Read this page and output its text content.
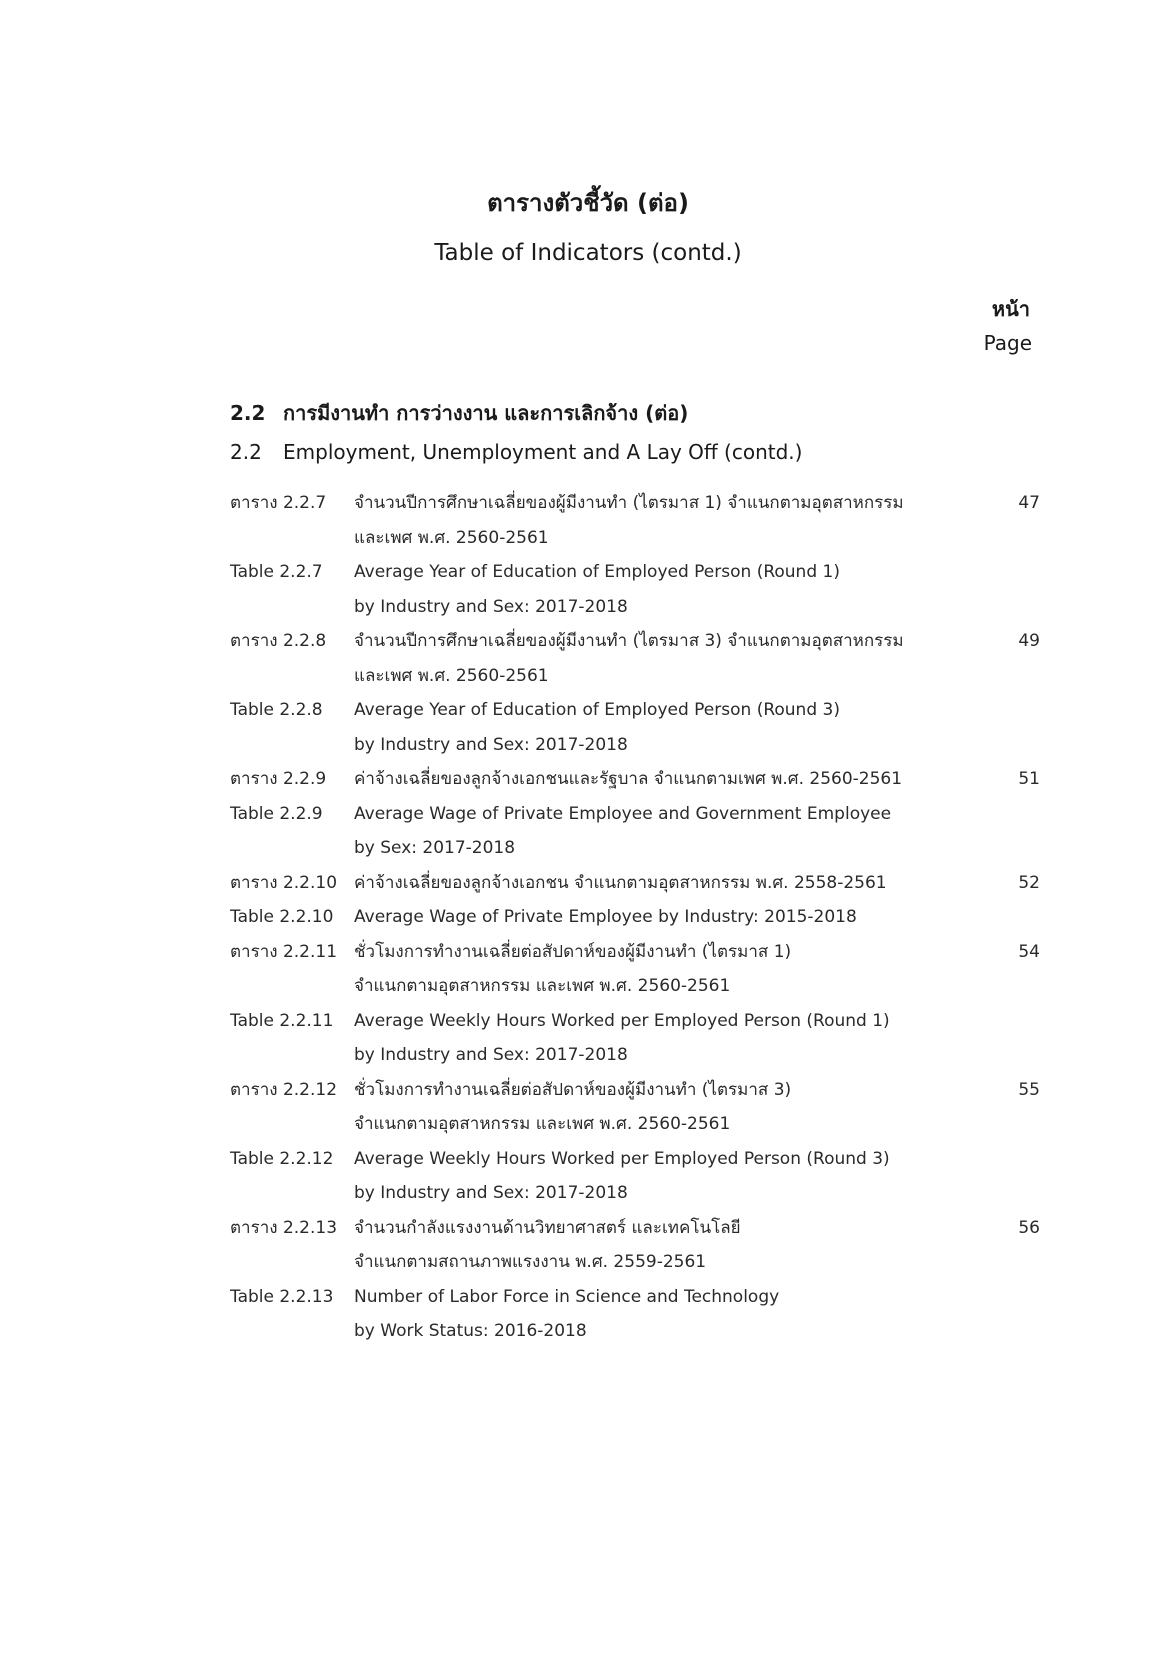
ตารางตัวชี้วัด (ต่อ)
Table of Indicators (contd.)
หน้า
Page
2.2 การมีงานทำ การว่างงาน และการเลิกจ้าง (ต่อ)
2.2 Employment, Unemployment and A Lay Off (contd.)
ตาราง 2.2.7	จำนวนปีการศึกษาเฉลี่ยของผู้มีงานทำ (ไตรมาส 1) จำแนกตามอุตสาหกรรม
และเพศ พ.ศ. 2560-2561
47
Table 2.2.7	Average Year of Education of Employed Person (Round 1)
by Industry and Sex: 2017-2018
ตาราง 2.2.8	จำนวนปีการศึกษาเฉลี่ยของผู้มีงานทำ (ไตรมาส 3) จำแนกตามอุตสาหกรรม
และเพศ พ.ศ. 2560-2561
49
Table 2.2.8	Average Year of Education of Employed Person (Round 3)
by Industry and Sex: 2017-2018
ตาราง 2.2.9	ค่าจ้างเฉลี่ยของลูกจ้างเอกชนและรัฐบาล จำแนกตามเพศ พ.ศ. 2560-2561	51
Table 2.2.9	Average Wage of Private Employee and Government Employee
by Sex: 2017-2018
ตาราง 2.2.10 ค่าจ้างเฉลี่ยของลูกจ้างเอกชน จำแนกตามอุตสาหกรรม พ.ศ. 2558-2561	52
Table 2.2.10	Average Wage of Private Employee by Industry: 2015-2018
ตาราง 2.2.11 ชั่วโมงการทำงานเฉลี่ยต่อสัปดาห์ของผู้มีงานทำ (ไตรมาส 1)
จำแนกตามอุตสาหกรรม และเพศ พ.ศ. 2560-2561
54
Table 2.2.11	Average Weekly Hours Worked per Employed Person (Round 1)
by Industry and Sex: 2017-2018
ตาราง 2.2.12 ชั่วโมงการทำงานเฉลี่ยต่อสัปดาห์ของผู้มีงานทำ (ไตรมาส 3)
จำแนกตามอุตสาหกรรม และเพศ พ.ศ. 2560-2561
55
Table 2.2.12	Average Weekly Hours Worked per Employed Person (Round 3)
by Industry and Sex: 2017-2018
ตาราง 2.2.13 จำนวนกำลังแรงงานด้านวิทยาศาสตร์ และเทคโนโลยี
จำแนกตามสถานภาพแรงงาน พ.ศ. 2559-2561
56
Table 2.2.13	Number of Labor Force in Science and Technology
by Work Status: 2016-2018
